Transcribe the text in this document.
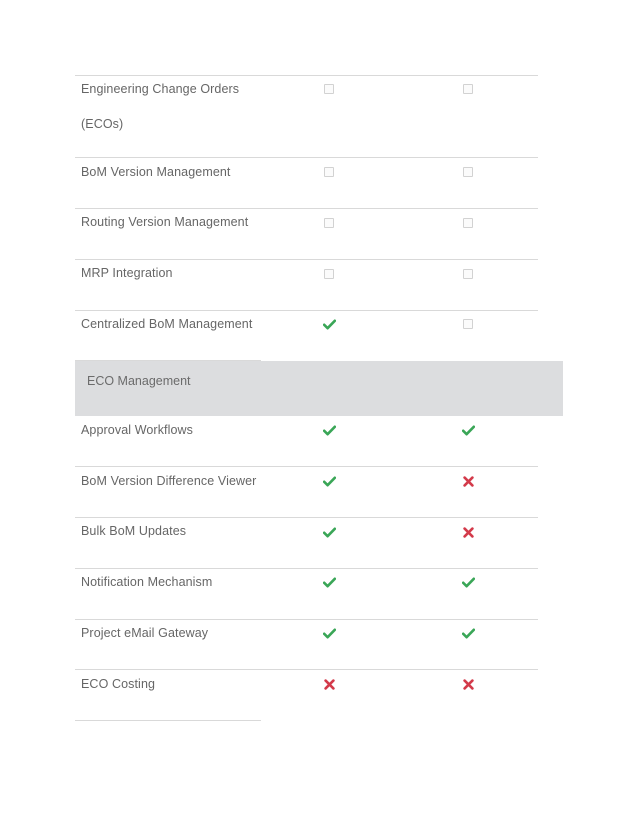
Engineering Change Orders
(ECOs)
BoM Version Management
Routing Version Management
MRP Integration
Centralized BoM Management
ECO Management
Approval Workflows
BoM Version Difference Viewer
Bulk BoM Updates
Notification Mechanism
Project eMail Gateway
ECO Costing
